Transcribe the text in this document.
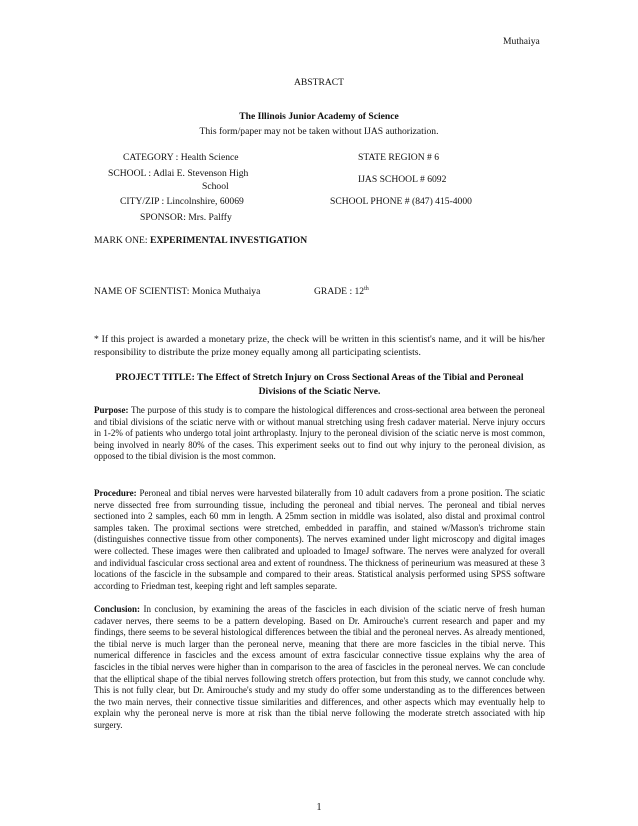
Muthaiya
ABSTRACT
The Illinois Junior Academy of Science
This form/paper may not be taken without IJAS authorization.
CATEGORY : Health Science	STATE REGION # 6
SCHOOL : Adlai E. Stevenson High
School
IJAS SCHOOL # 6092
CITY/ZIP : Lincolnshire, 60069	SCHOOL PHONE # (847) 415-4000
SPONSOR: Mrs. Palffy
MARK ONE: EXPERIMENTAL INVESTIGATION
NAME OF SCIENTIST: Monica Muthaiya	GRADE : 12th
* If this project is awarded a monetary prize, the check will be written in this scientist's name, and it will be his/her responsibility to distribute the prize money equally among all participating scientists.
PROJECT TITLE: The Effect of Stretch Injury on Cross Sectional Areas of the Tibial and Peroneal
Divisions of the Sciatic Nerve.
Purpose: The purpose of this study is to compare the histological differences and cross-sectional area between the peroneal and tibial divisions of the sciatic nerve with or without manual stretching using fresh cadaver material. Nerve injury occurs in 1-2% of patients who undergo total joint arthroplasty. Injury to the peroneal division of the sciatic nerve is most common, being involved in nearly 80% of the cases. This experiment seeks out to find out why injury to the peroneal division, as opposed to the tibial division is the most common.
Procedure: Peroneal and tibial nerves were harvested bilaterally from 10 adult cadavers from a prone position. The sciatic nerve dissected free from surrounding tissue, including the peroneal and tibial nerves. The peroneal and tibial nerves sectioned into 2 samples, each 60 mm in length. A 25mm section in middle was isolated, also distal and proximal control samples taken. The proximal sections were stretched, embedded in paraffin, and stained w/Masson's trichrome stain (distinguishes connective tissue from other components). The nerves examined under light microscopy and digital images were collected. These images were then calibrated and uploaded to ImageJ software. The nerves were analyzed for overall and individual fascicular cross sectional area and extent of roundness. The thickness of perineurium was measured at these 3 locations of the fascicle in the subsample and compared to their areas. Statistical analysis performed using SPSS software according to Friedman test, keeping right and left samples separate.
Conclusion: In conclusion, by examining the areas of the fascicles in each division of the sciatic nerve of fresh human cadaver nerves, there seems to be a pattern developing. Based on Dr. Amirouche's current research and paper and my findings, there seems to be several histological differences between the tibial and the peroneal nerves. As already mentioned, the tibial nerve is much larger than the peroneal nerve, meaning that there are more fascicles in the tibial nerve. This numerical difference in fascicles and the excess amount of extra fascicular connective tissue explains why the area of fascicles in the tibial nerves were higher than in comparison to the area of fascicles in the peroneal nerves. We can conclude that the elliptical shape of the tibial nerves following stretch offers protection, but from this study, we cannot conclude why. This is not fully clear, but Dr. Amirouche's study and my study do offer some understanding as to the differences between the two main nerves, their connective tissue similarities and differences, and other aspects which may eventually help to explain why the peroneal nerve is more at risk than the tibial nerve following the moderate stretch associated with hip surgery.
1
